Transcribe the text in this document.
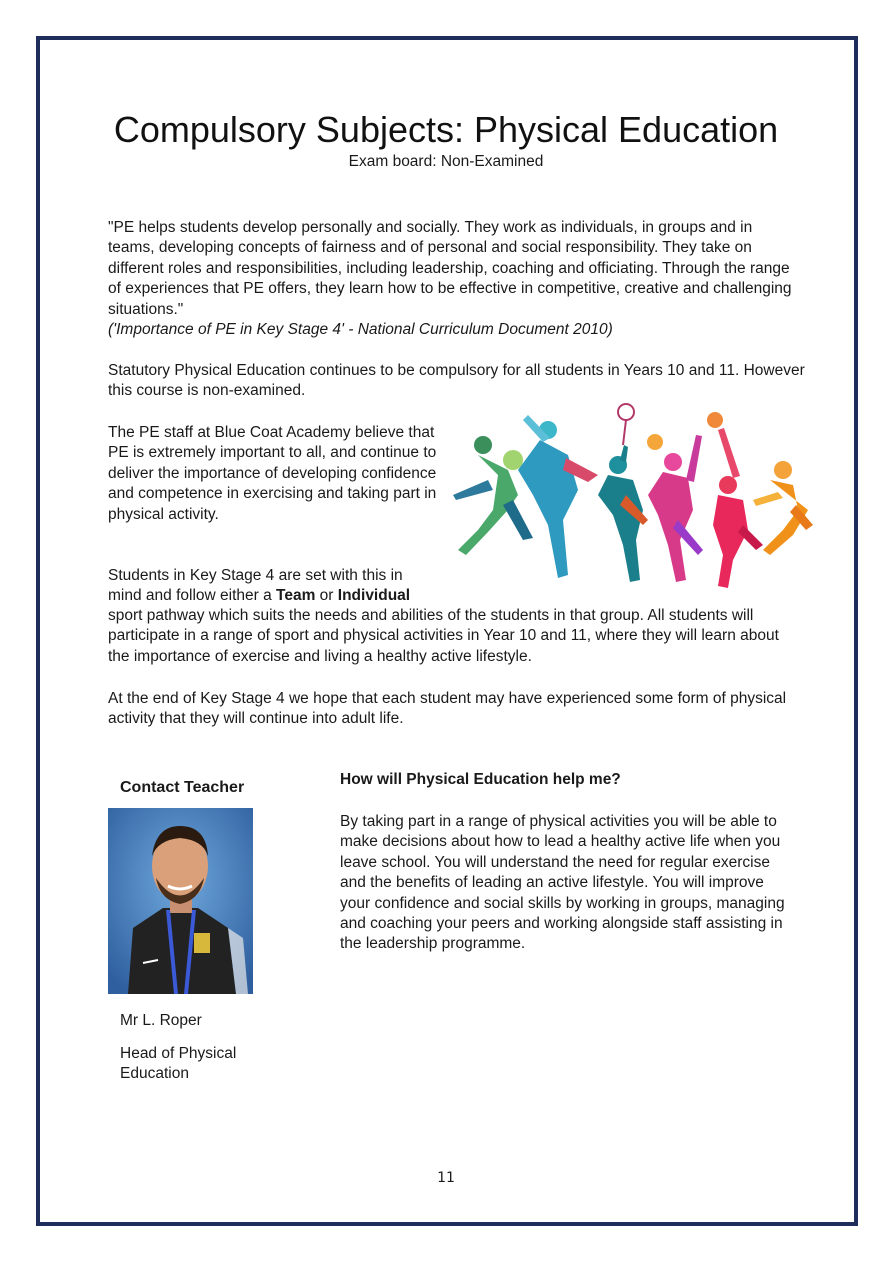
Compulsory Subjects: Physical Education
Exam board: Non-Examined

"PE helps students develop personally and socially. They work as individuals, in groups and in teams, developing concepts of fairness and of personal and social responsibility. They take on different roles and responsibilities, including leadership, coaching and officiating. Through the range of experiences that PE offers, they learn how to be effective in competitive, creative and challenging situations."

('Importance of PE in Key Stage 4' - National Curriculum Document 2010)

Statutory Physical Education continues to be compulsory for all students in Years 10 and 11. However this course is non-examined.

The PE staff at Blue Coat Academy believe that PE is extremely important to all, and continue to deliver the importance of developing confidence and competence in exercising and taking part in physical activity.

Students in Key Stage 4 are set with this in
mind and follow either a Team or Individual

sport pathway which suits the needs and abilities of the students in that group. All students will participate in a range of sport and physical activities in Year 10 and 11, where they will learn about the importance of exercise and living a healthy active lifestyle.

At the end of Key Stage 4 we hope that each student may have experienced some form of physical activity that they will continue into adult life.

Contact Teacher
Mr L. Roper
Head of Physical Education
How will Physical Education help me?

By taking part in a range of physical activities you will be able to make decisions about how to lead a healthy active life when you leave school. You will understand the need for regular exercise and the benefits of leading an active lifestyle. You will improve your confidence and social skills by working in groups, managing and coaching your peers and working alongside staff assisting in the leadership programme.

11
